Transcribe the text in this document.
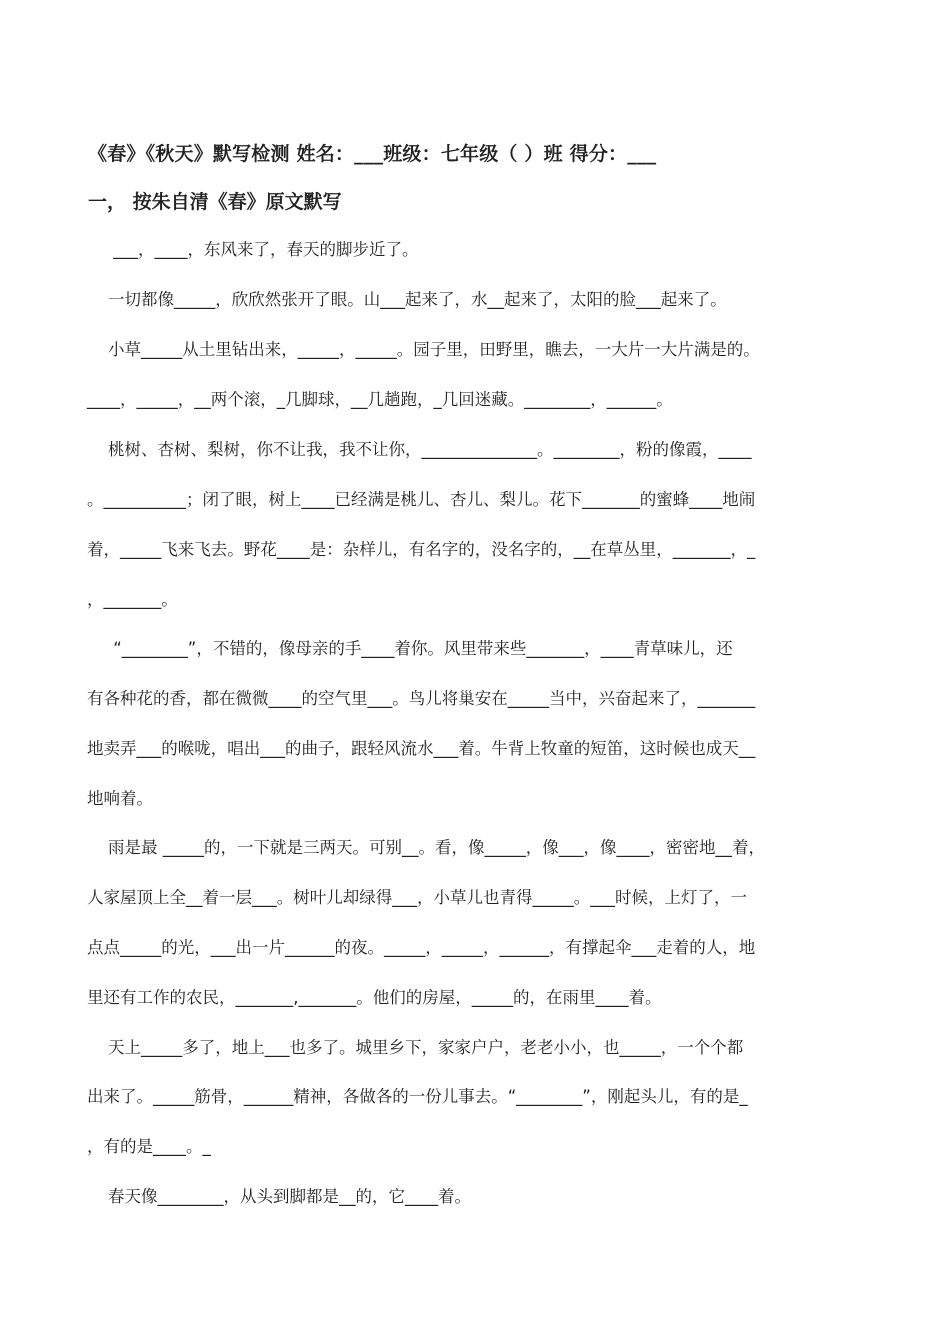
《春》《秋天》默写检测 姓名：___班级：七年级（ ）班 得分：___
一， 按朱自清《春》原文默写
___，____，东风来了，春天的脚步近了。
一切都像_____，欣欣然张开了眼。山___起来了，水__起来了，太阳的脸___起来了。
小草_____从土里钻出来，_____，_____。园子里，田野里，瞧去，一大片一大片满是的。
____，_____，__两个滚，_几脚球，__几趟跑，_几回迷藏。________，______。
桃树、杏树、梨树，你不让我，我不让你，______________。________，粉的像霞，____
。__________；闭了眼，树上____已经满是桃儿、杏儿、梨儿。花下_______的蜜蜂____地闹
着，_____飞来飞去。野花____是：杂样儿，有名字的，没名字的，__在草丛里，_______，_
，_______。
“________”，不错的，像母亲的手____着你。风里带来些_______，____青草味儿，还
有各种花的香，都在微微____的空气里___。鸟儿将巢安在_____当中，兴奋起来了，_______
地卖弄___的喉咙，唱出___的曲子，跟轻风流水___着。牛背上牧童的短笛，这时候也成天__
地响着。
雨是最 _____的，一下就是三两天。可别__。看，像_____，像___，像____，密密地__着，
人家屋顶上全__着一层___。树叶儿却绿得___，小草儿也青得_____。___时候，上灯了，一
点点_____的光，___出一片______的夜。_____，_____，______，有撑起伞___走着的人，地
里还有工作的农民，_______,_______。他们的房屋，_____的，在雨里____着。
天上_____多了，地上___也多了。城里乡下，家家户户，老老小小，也_____，一个个都
出来了。_____筋骨，______精神，各做各的一份儿事去。“________”，刚起头儿，有的是_
，有的是____。_
春天像________，从头到脚都是__的，它____着。
